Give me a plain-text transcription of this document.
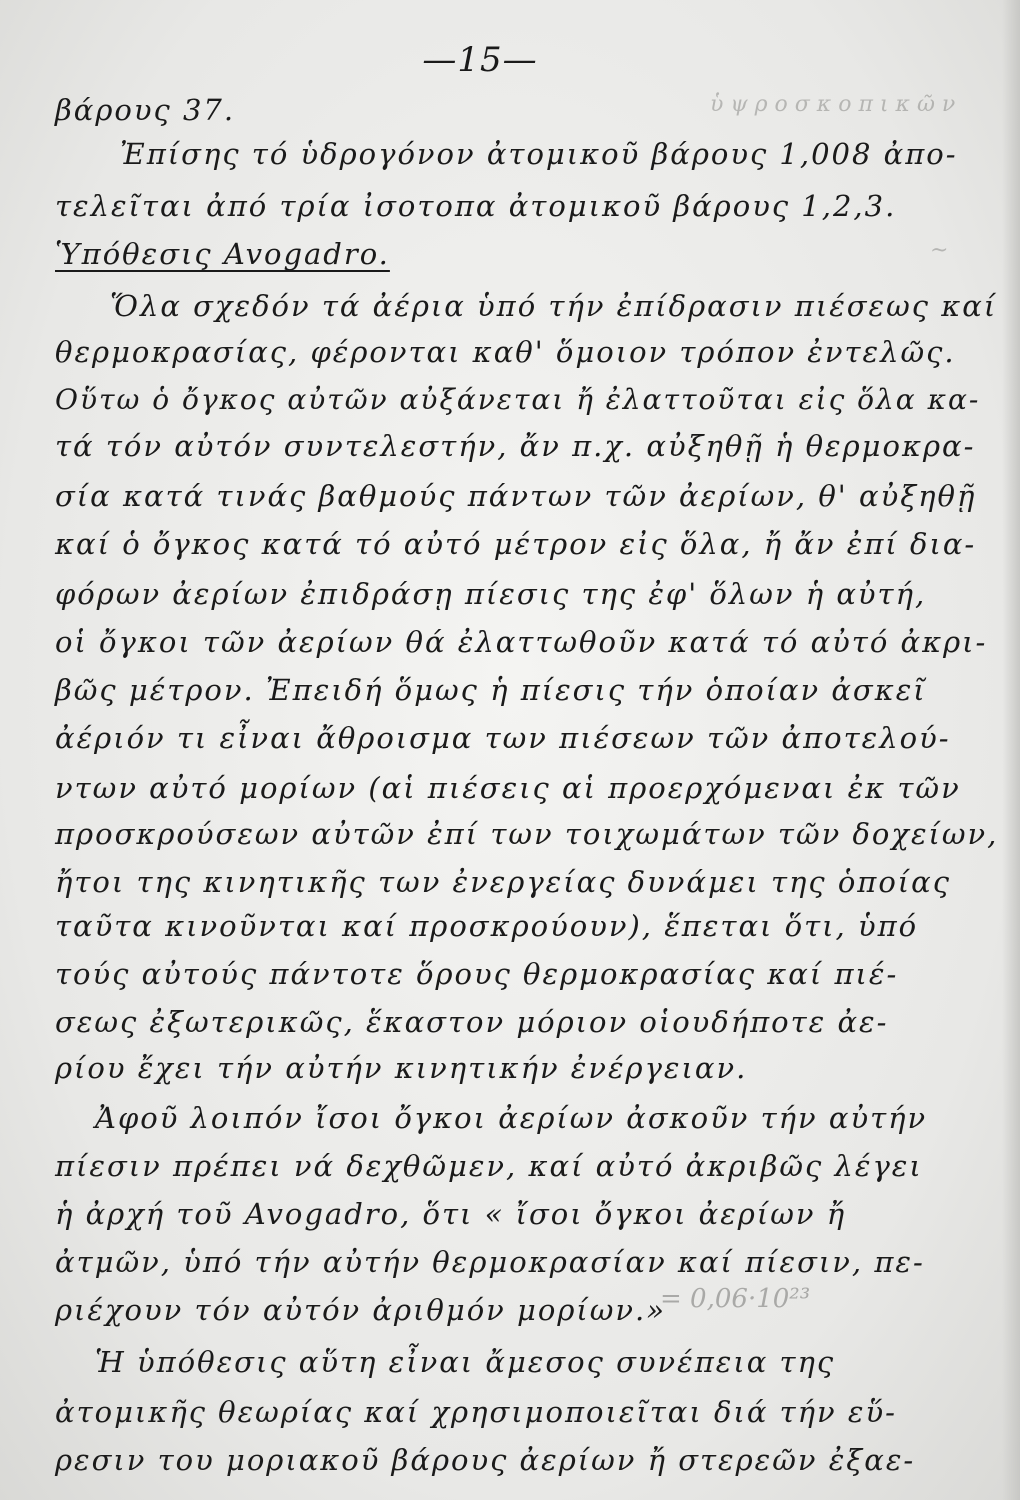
ὑ ψ ρ ο σ κ ο π ι κ ῶ ν
~
—15—
βάρους 37.
Ἐπίσης τό ὑδρογόνον ἀτομικοῦ βάρους 1,008 ἀπο-
τελεῖται ἀπό τρία ἰσοτοπα ἀτομικοῦ βάρους 1,2,3.
Ὑπόθεσις Avogadro.
Ὅλα σχεδόν τά ἀέρια ὑπό τήν ἐπίδρασιν πιέσεως καί
θερμοκρασίας, φέρονται καθ' ὅμοιον τρόπον ἐντελῶς.
Οὕτω ὁ ὄγκος αὐτῶν αὐξάνεται ἤ ἐλαττοῦται εἰς ὅλα κα-
τά τόν αὐτόν συντελεστήν, ἄν π.χ. αὐξηθῇ ἡ θερμοκρα-
σία κατά τινάς βαθμούς πάντων τῶν ἀερίων, θ' αὐξηθῇ
καί ὁ ὄγκος κατά τό αὐτό μέτρον εἰς ὅλα, ἤ ἄν ἐπί δια-
φόρων ἀερίων ἐπιδράσῃ πίεσις της ἐφ' ὅλων ἡ αὐτή,
οἱ ὄγκοι τῶν ἀερίων θά ἐλαττωθοῦν κατά τό αὐτό ἀκρι-
βῶς μέτρον. Ἐπειδή ὅμως ἡ πίεσις τήν ὁποίαν ἀσκεῖ
ἀέριόν τι εἶναι ἄθροισμα των πιέσεων τῶν ἀποτελού-
ντων αὐτό μορίων (αἱ πιέσεις αἱ προερχόμεναι ἐκ τῶν
προσκρούσεων αὐτῶν ἐπί των τοιχωμάτων τῶν δοχείων,
ἤτοι της κινητικῆς των ἐνεργείας δυνάμει της ὁποίας
ταῦτα κινοῦνται καί προσκρούουν), ἕπεται ὅτι, ὑπό
τούς αὐτούς πάντοτε ὅρους θερμοκρασίας καί πιέ-
σεως ἐξωτερικῶς, ἕκαστον μόριον οἱουδήποτε ἀε-
ρίου ἔχει τήν αὐτήν κινητικήν ἐνέργειαν.
Ἀφοῦ λοιπόν ἴσοι ὄγκοι ἀερίων ἀσκοῦν τήν αὐτήν
πίεσιν πρέπει νά δεχθῶμεν, καί αὐτό ἀκριβῶς λέγει
ἡ ἀρχή τοῦ Avogadro, ὅτι « ἴσοι ὄγκοι ἀερίων ἤ
ἀτμῶν, ὑπό τήν αὐτήν θερμοκρασίαν καί πίεσιν, πε-
ριέχουν τόν αὐτόν ἀριθμόν μορίων.»
Ἡ ὑπόθεσις αὕτη εἶναι ἄμεσος συνέπεια της
ἀτομικῆς θεωρίας καί χρησιμοποιεῖται διά τήν εὕ-
ρεσιν του μοριακοῦ βάρους ἀερίων ἤ στερεῶν ἐξαε-
= 0,06·10²³
